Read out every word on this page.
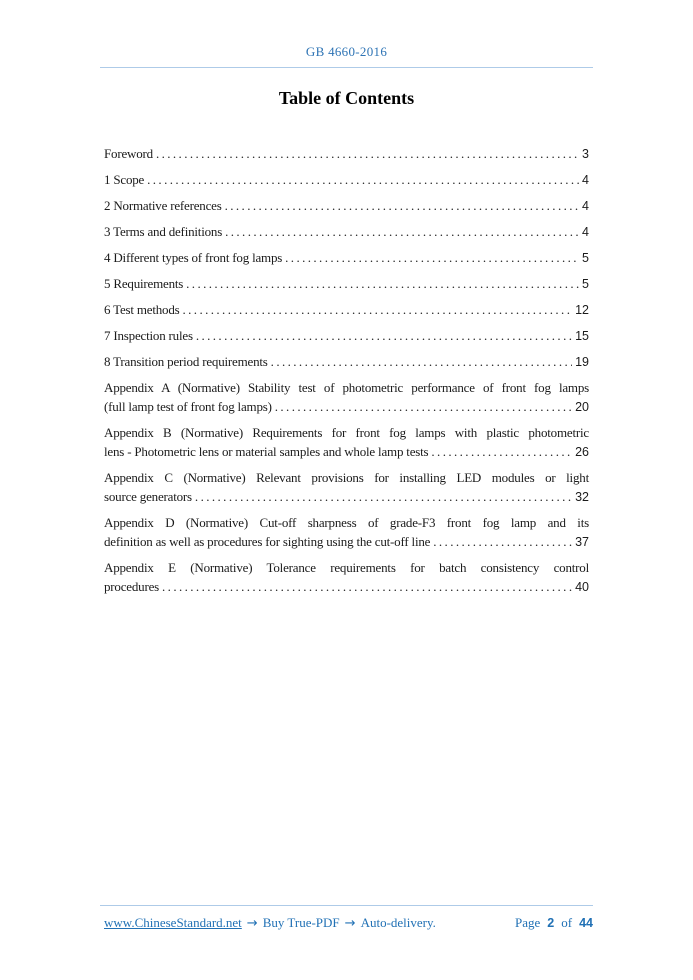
GB 4660-2016
Table of Contents
Foreword .....	3
1 Scope .....	4
2 Normative references .....	4
3 Terms and definitions .....	4
4 Different types of front fog lamps .....	5
5 Requirements .....	5
6 Test methods .....	12
7 Inspection rules .....	15
8 Transition period requirements .....	19
Appendix A (Normative) Stability test of photometric performance of front fog lamps
(full lamp test of front fog lamps) .....	20
Appendix B (Normative) Requirements for front fog lamps with plastic photometric
lens - Photometric lens or material samples and whole lamp tests .....	26
Appendix C (Normative) Relevant provisions for installing LED modules or light
source generators .....	32
Appendix D (Normative) Cut-off sharpness of grade-F3 front fog lamp and its
definition as well as procedures for sighting using the cut-off line .....	37
Appendix E (Normative) Tolerance requirements for batch consistency control
procedures .....	40
www.ChineseStandard.net → Buy True-PDF → Auto-delivery.	Page 2 of 44
